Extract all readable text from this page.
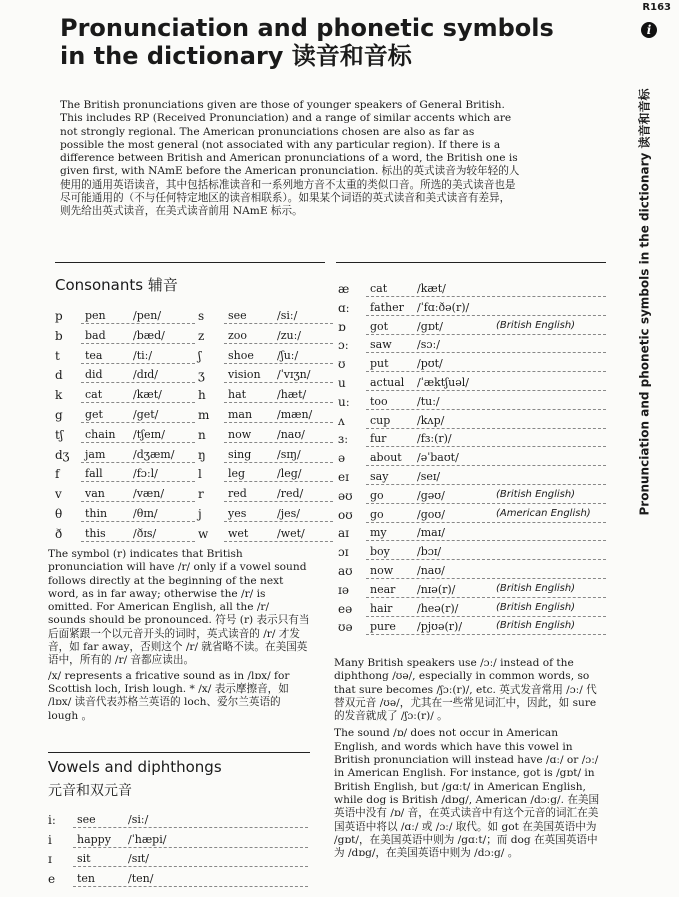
R163
i
Pronunciation and phonetic symbols in the dictionary 读音和音标
Pronunciation and phonetic symbols
in the dictionary 读音和音标

The British pronunciations given are those of younger speakers of General British. This includes RP (Received Pronunciation) and a range of similar accents which are not strongly regional. The American pronunciations chosen are also as far as possible the most general (not associated with any particular region). If there is a difference between British and American pronunciations of a word, the British one is given first, with NAmE before the American pronunciation. 标出的英式读音为较年轻的人使用的通用英语读音，其中包括标准读音和一系列地方音不太重的类似口音。所选的美式读音也是尽可能通用的（不与任何特定地区的读音相联系）。如果某个词语的英式读音和美式读音有差异，则先给出英式读音，在美式读音前用 NAmE 标示。

Consonants 辅音
p pen /pen/
b bad /bæd/
t tea	/tiː/
d did	/dɪd/
k cat	/kæt/
g get	/get/
tʃ chain /tʃeɪn/
dʒ jam	/dʒæm/
f fall	/fɔːl/
v van	/væn/
θ thin /θɪn/
ð this /ðɪs/
s see	/siː/
z zoo	/zuː/
ʃ shoe /ʃuː/
ʒ vision /ˈvɪʒn/
h hat	/hæt/
m man /mæn/
n now /naʊ/
ŋ sing /sɪŋ/
l leg	/leg/
r red	/red/
j yes	/jes/
w wet	/wet/

The symbol (r) indicates that British pronunciation will have /r/ only if a vowel sound follows directly at the beginning of the next word, as in far away; otherwise the /r/ is omitted. For American English, all the /r/ sounds should be pronounced. 符号 (r) 表示只有当后面紧跟一个以元音开头的词时，英式读音的 /r/ 才发音，如 far away，否则这个 /r/ 就省略不读。在美国英语中，所有的 /r/ 音都应读出。

/x/ represents a fricative sound as in /lɒx/ for Scottish loch, Irish lough. * /x/ 表示摩擦音，如 /lɒx/ 读音代表苏格兰英语的 loch、爱尔兰英语的 lough 。

Vowels and diphthongs
元音和双元音
iː see	/siː/
i happy /ˈhæpi/
ɪ sit	/sɪt/
e ten	/ten/
æ cat	/kæt/
ɑː father /ˈfɑːðə(r)/
ɒ got	/gɒt/	(British English)
ɔː saw /sɔː/
ʊ put	/pʊt/
u actual /ˈæktʃuəl/
uː too	/tuː/
ʌ cup /kʌp/
ɜː fur	/fɜː(r)/
ə about /əˈbaʊt/
eɪ say	/seɪ/
əʊ go	/gəʊ/	(British English)
oʊ go	/goʊ/	(American English)
aɪ my	/maɪ/
ɔɪ boy /bɔɪ/
aʊ now /naʊ/
ɪə near /nɪə(r)/	(British English)
eə hair /heə(r)/	(British English)
ʊə pure /pjʊə(r)/	(British English)

Many British speakers use /ɔː/ instead of the diphthong /ʊə/, especially in common words, so that sure becomes /ʃɔː(r)/, etc. 英式发音常用 /ɔː/ 代替双元音 /ʊə/，尤其在一些常见词汇中，因此，如 sure 的发音就成了 /ʃɔː(r)/ 。

The sound /ɒ/ does not occur in American English, and words which have this vowel in British pronunciation will instead have /ɑː/ or /ɔː/ in American English. For instance, got is /gɒt/ in British English, but /gɑːt/ in American English, while dog is British /dɒg/, American /dɔːg/. 在美国英语中没有 /ɒ/ 音，在英式读音中有这个元音的词汇在美国英语中将以 /ɑː/ 或 /ɔː/ 取代。如 got 在美国英语中为 /gɒt/，在美国英语中则为 /gɑːt/；而 dog 在英国英语中为 /dɒg/，在美国英语中则为 /dɔːg/ 。
